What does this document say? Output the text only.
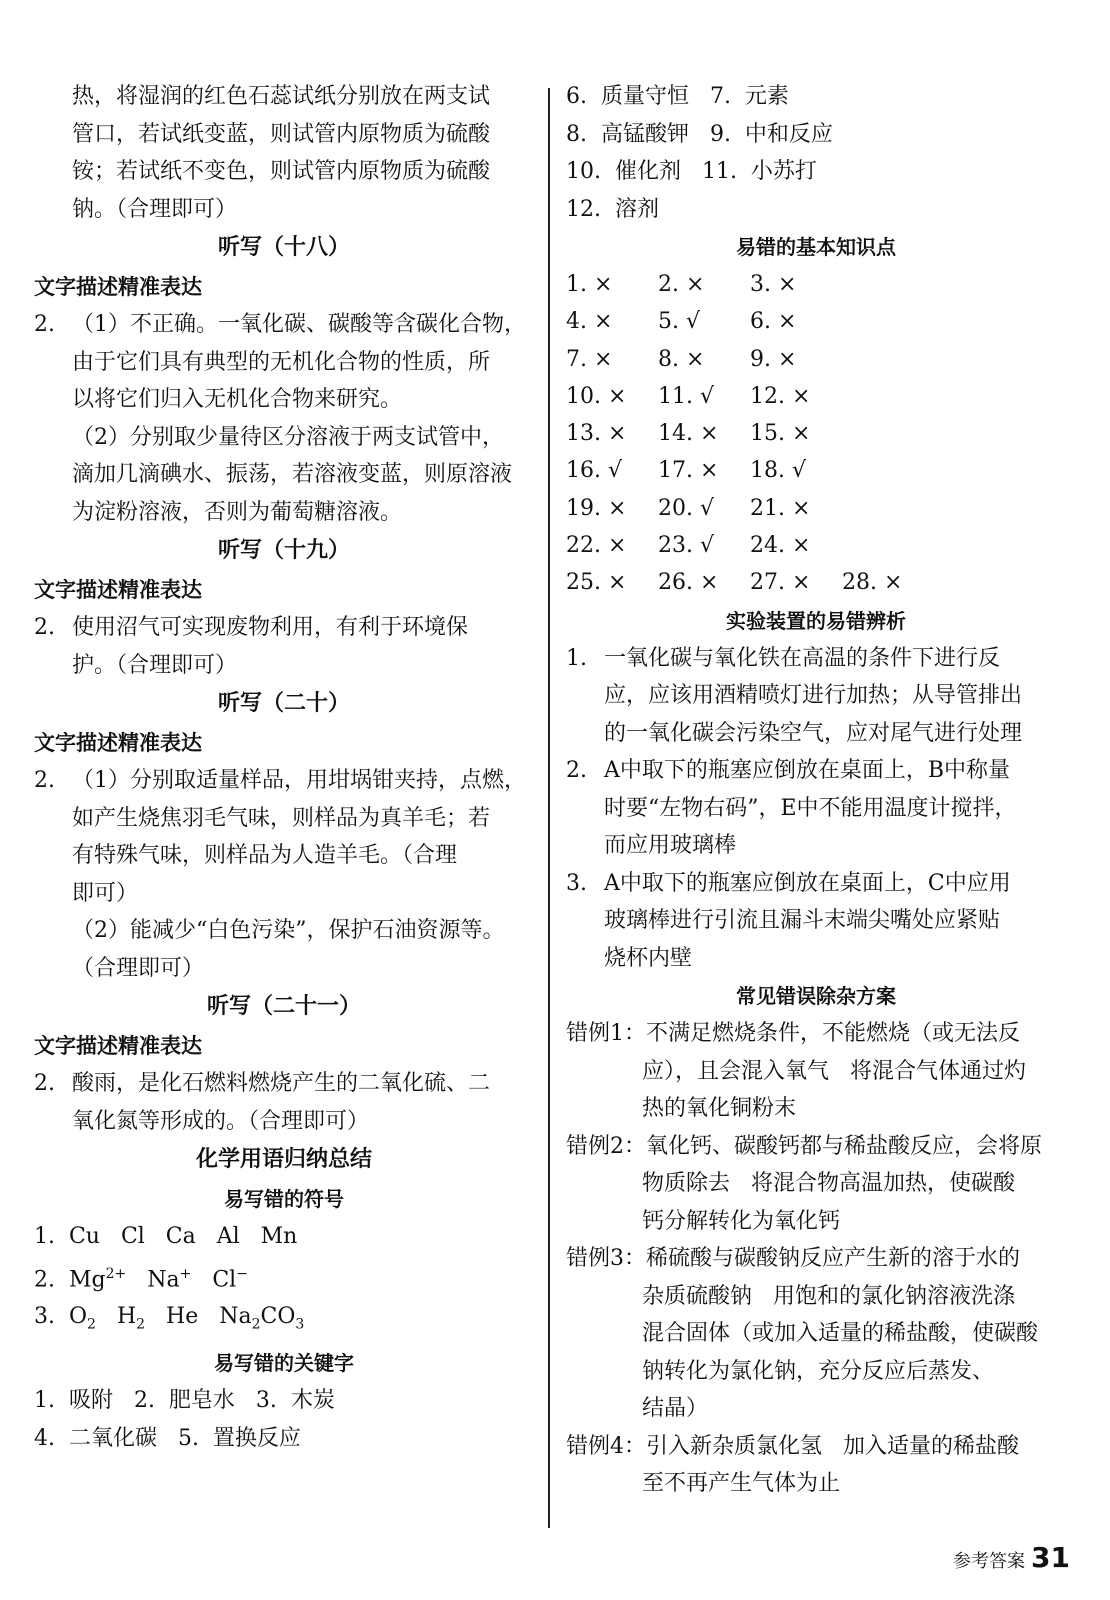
热，将湿润的红色石蕊试纸分别放在两支试
管口，若试纸变蓝，则试管内原物质为硫酸
铵；若试纸不变色，则试管内原物质为硫酸
钠。（合理即可）
听写（十八）
文字描述精准表达
2. （1）不正确。一氧化碳、碳酸等含碳化合物，
由于它们具有典型的无机化合物的性质，所
以将它们归入无机化合物来研究。
（2）分别取少量待区分溶液于两支试管中，
滴加几滴碘水、振荡，若溶液变蓝，则原溶液
为淀粉溶液，否则为葡萄糖溶液。
听写（十九）
文字描述精准表达
2. 使用沼气可实现废物利用，有利于环境保
护。（合理即可）
听写（二十）
文字描述精准表达
2. （1）分别取适量样品，用坩埚钳夹持，点燃，
如产生烧焦羽毛气味，则样品为真羊毛；若
有特殊气味，则样品为人造羊毛。（合理
即可）
（2）能减少“白色污染”，保护石油资源等。
（合理即可）
听写（二十一）
文字描述精准表达
2. 酸雨，是化石燃料燃烧产生的二氧化硫、二
氧化氮等形成的。（合理即可）
化学用语归纳总结
易写错的符号
1.  Cu   Cl   Ca   Al   Mn
2. $Mg^{2+}$ Na+ Cl−
3. $O_2$ $H_2$ He $Na_2CO_3$
易写错的关键字
1.  吸附   2.  肥皂水   3.  木炭
4.  二氧化碳   5.  置换反应
6.  质量守恒   7.  元素
8.  高锰酸钾   9.  中和反应
10.  催化剂   11.  小苏打
12.  溶剂
易错的基本知识点
1. × 2. × 3. ×
4. × 5. √ 6. ×
7. × 8. × 9. ×
10. × 11. √ 12. ×
13. × 14. × 15. ×
16. √ 17. × 18. √
19. × 20. √ 21. ×
22. × 23. √ 24. ×
25. × 26. × 27. × 28. ×
实验装置的易错辨析
1. 一氧化碳与氧化铁在高温的条件下进行反
应，应该用酒精喷灯进行加热；从导管排出
的一氧化碳会污染空气，应对尾气进行处理
2. A中取下的瓶塞应倒放在桌面上，B中称量
时要“左物右码”，E中不能用温度计搅拌，
而应用玻璃棒
3. A中取下的瓶塞应倒放在桌面上，C中应用
玻璃棒进行引流且漏斗末端尖嘴处应紧贴
烧杯内壁
常见错误除杂方案
错例1：不满足燃烧条件，不能燃烧（或无法反
应），且会混入氧气   将混合气体通过灼
热的氧化铜粉末
错例2：氧化钙、碳酸钙都与稀盐酸反应，会将原
物质除去   将混合物高温加热，使碳酸
钙分解转化为氧化钙
错例3：稀硫酸与碳酸钠反应产生新的溶于水的
杂质硫酸钠   用饱和的氯化钠溶液洗涤
混合固体（或加入适量的稀盐酸，使碳酸
钠转化为氯化钠，充分反应后蒸发、
结晶）
错例4：引入新杂质氯化氢   加入适量的稀盐酸
至不再产生气体为止
参考答案 31
